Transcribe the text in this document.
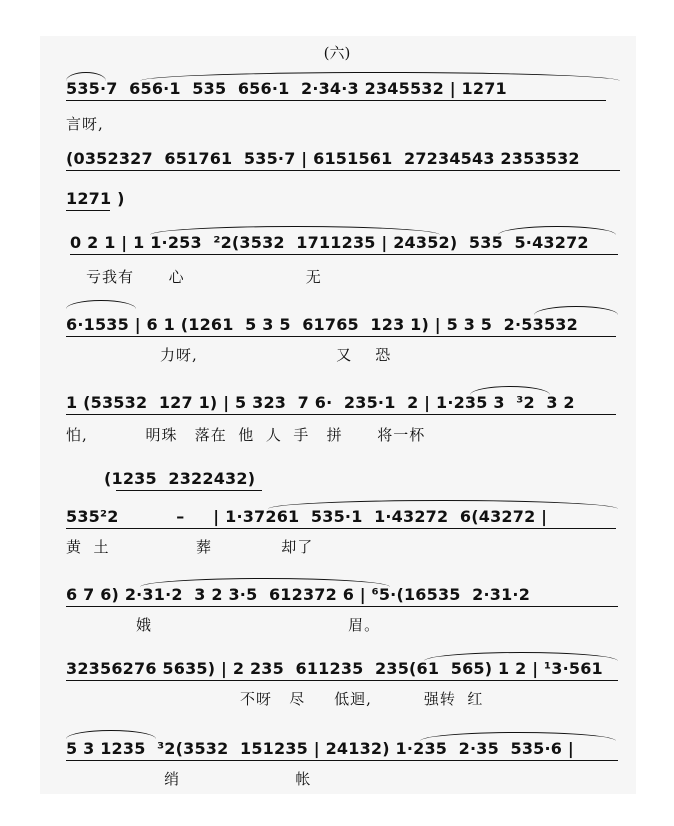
(六)
535·7  656·1  535  656·1  2·34·3 2345532 | 1271
言呀,
(0352327  651761  535·7 | 6151561  27234543 2353532
1271 )
0 2 1 | 1 1·253  ²2(3532  1711235 | 24352)  535  5·43272
亏我有      心                     无
6·1535 | 6 1 (1261  5 3 5  61765  123 1) | 5 3 5  2·53532
力呀,                        又    恐
1 (53532  127 1) | 5 323  7 6·  235·1  2 | 1·235 3  ³2  3 2
怕,          明珠   落在  他  人  手   拼      将一杯
(1235  2322432)
535²2          –     | 1·37261  535·1  1·43272  6(43272 |
黄  土               葬            却了
6 7 6) 2·31·2  3 2 3·5  612372 6 | ⁶5·(16535  2·31·2
娥                                  眉。
32356276 5635) | 2 235  611235  235(61  565) 1 2 | ¹3·561
不呀   尽     低迴,         强转  红
5 3 1235  ³2(3532  151235 | 24132) 1·235  2·35  535·6 |
绡                    帐
